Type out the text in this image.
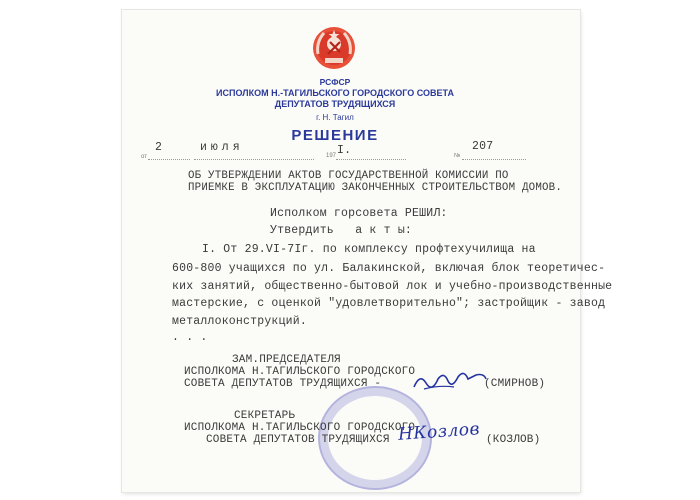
РСФСР
ИСПОЛКОМ Н.-ТАГИЛЬСКОГО ГОРОДСКОГО СОВЕТА
ДЕПУТАТОВ ТРУДЯЩИХСЯ
г. Н. Тагил
РЕШЕНИЕ
от
2	июля
197 I.	№
207
ОБ УТВЕРЖДЕНИИ АКТОВ ГОСУДАРСТВЕННОЙ КОМИССИИ ПО
ПРИЕМКЕ В ЭКСПЛУАТАЦИЮ ЗАКОНЧЕННЫХ СТРОИТЕЛЬСТВОМ ДОМОВ.
Исполком горсовета РЕШИЛ:
Утвердить   а к т ы:
I. От 29.VI-7Iг. по комплексу профтехучилища на
600-800 учащихся по ул. Балакинской, включая блок теоретичес-
ких занятий, общественно-бытовой лок и учебно-производственные
мастерские, с оценкой "удовлетворительно"; застройщик - завод
металлоконструкций.
. . .
ЗАМ.ПРЕДСЕДАТЕЛЯ
ИСПОЛКОМА Н.ТАГИЛЬСКОГО ГОРОДСКОГО
СОВЕТА ДЕПУТАТОВ ТРУДЯЩИХСЯ -	(СМИРНОВ)
СЕКРЕТАРЬ
ИСПОЛКОМА Н.ТАГИЛЬСКОГО ГОРОДСКОГО
СОВЕТА ДЕПУТАТОВ ТРУДЯЩИХСЯ НКозлов (КОЗЛОВ)
